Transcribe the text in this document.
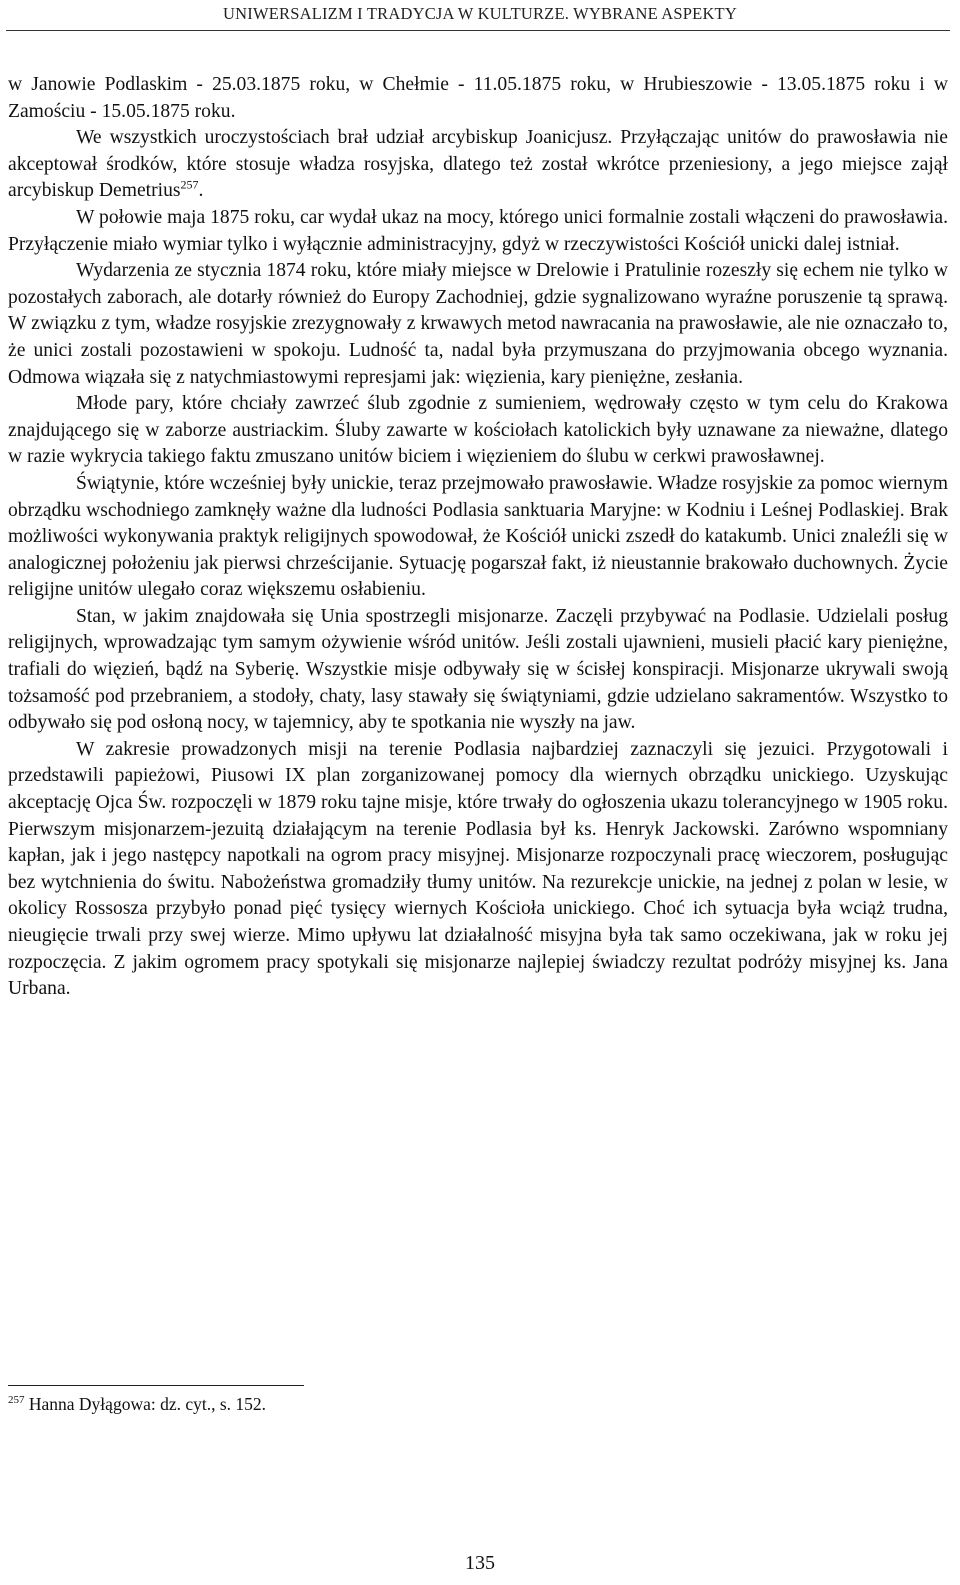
UNIWERSALIZM I TRADYCJA W KULTURZE. WYBRANE ASPEKTY

w Janowie Podlaskim - 25.03.1875 roku, w Chełmie - 11.05.1875 roku, w Hrubieszowie - 13.05.1875 roku i w Zamościu - 15.05.1875 roku.

We wszystkich uroczystościach brał udział arcybiskup Joanicjusz. Przyłączając unitów do prawosławia nie akceptował środków, które stosuje władza rosyjska, dlatego też został wkrótce przeniesiony, a jego miejsce zajął arcybiskup Demetrius$^{257}$.

W połowie maja 1875 roku, car wydał ukaz na mocy, którego unici formalnie zostali włączeni do prawosławia. Przyłączenie miało wymiar tylko i wyłącznie administracyjny, gdyż w rzeczywistości Kościół unicki dalej istniał.

Wydarzenia ze stycznia 1874 roku, które miały miejsce w Drelowie i Pratulinie rozeszły się echem nie tylko w pozostałych zaborach, ale dotarły również do Europy Zachodniej, gdzie sygnalizowano wyraźne poruszenie tą sprawą. W związku z tym, władze rosyjskie zrezygnowały z krwawych metod nawracania na prawosławie, ale nie oznaczało to, że unici zostali pozostawieni w spokoju. Ludność ta, nadal była przymuszana do przyjmowania obcego wyznania. Odmowa wiązała się z natychmiastowymi represjami jak: więzienia, kary pieniężne, zesłania.

Młode pary, które chciały zawrzeć ślub zgodnie z sumieniem, wędrowały często w tym celu do Krakowa znajdującego się w zaborze austriackim. Śluby zawarte w kościołach katolickich były uznawane za nieważne, dlatego w razie wykrycia takiego faktu zmuszano unitów biciem i więzieniem do ślubu w cerkwi prawosławnej.

Świątynie, które wcześniej były unickie, teraz przejmowało prawosławie. Władze rosyjskie za pomoc wiernym obrządku wschodniego zamknęły ważne dla ludności Podlasia sanktuaria Maryjne: w Kodniu i Leśnej Podlaskiej. Brak możliwości wykonywania praktyk religijnych spowodował, że Kościół unicki zszedł do katakumb. Unici znaleźli się w analogicznej położeniu jak pierwsi chrześcijanie. Sytuację pogarszał fakt, iż nieustannie brakowało duchownych. Życie religijne unitów ulegało coraz większemu osłabieniu.

Stan, w jakim znajdowała się Unia spostrzegli misjonarze. Zaczęli przybywać na Podlasie. Udzielali posług religijnych, wprowadzając tym samym ożywienie wśród unitów. Jeśli zostali ujawnieni, musieli płacić kary pieniężne, trafiali do więzień, bądź na Syberię. Wszystkie misje odbywały się w ścisłej konspiracji. Misjonarze ukrywali swoją tożsamość pod przebraniem, a stodoły, chaty, lasy stawały się świątyniami, gdzie udzielano sakramentów. Wszystko to odbywało się pod osłoną nocy, w tajemnicy, aby te spotkania nie wyszły na jaw.

W zakresie prowadzonych misji na terenie Podlasia najbardziej zaznaczyli się jezuici. Przygotowali i przedstawili papieżowi, Piusowi IX plan zorganizowanej pomocy dla wiernych obrządku unickiego. Uzyskując akceptację Ojca Św. rozpoczęli w 1879 roku tajne misje, które trwały do ogłoszenia ukazu tolerancyjnego w 1905 roku. Pierwszym misjonarzem-jezuitą działającym na terenie Podlasia był ks. Henryk Jackowski. Zarówno wspomniany kapłan, jak i jego następcy napotkali na ogrom pracy misyjnej. Misjonarze rozpoczynali pracę wieczorem, posługując bez wytchnienia do świtu. Nabożeństwa gromadziły tłumy unitów. Na rezurekcje unickie, na jednej z polan w lesie, w okolicy Rossosza przybyło ponad pięć tysięcy wiernych Kościoła unickiego. Choć ich sytuacja była wciąż trudna, nieugięcie trwali przy swej wierze. Mimo upływu lat działalność misyjna była tak samo oczekiwana, jak w roku jej rozpoczęcia. Z jakim ogromem pracy spotykali się misjonarze najlepiej świadczy rezultat podróży misyjnej ks. Jana Urbana.

$^{257}$ Hanna Dyłągowa: dz. cyt., s. 152.
135
